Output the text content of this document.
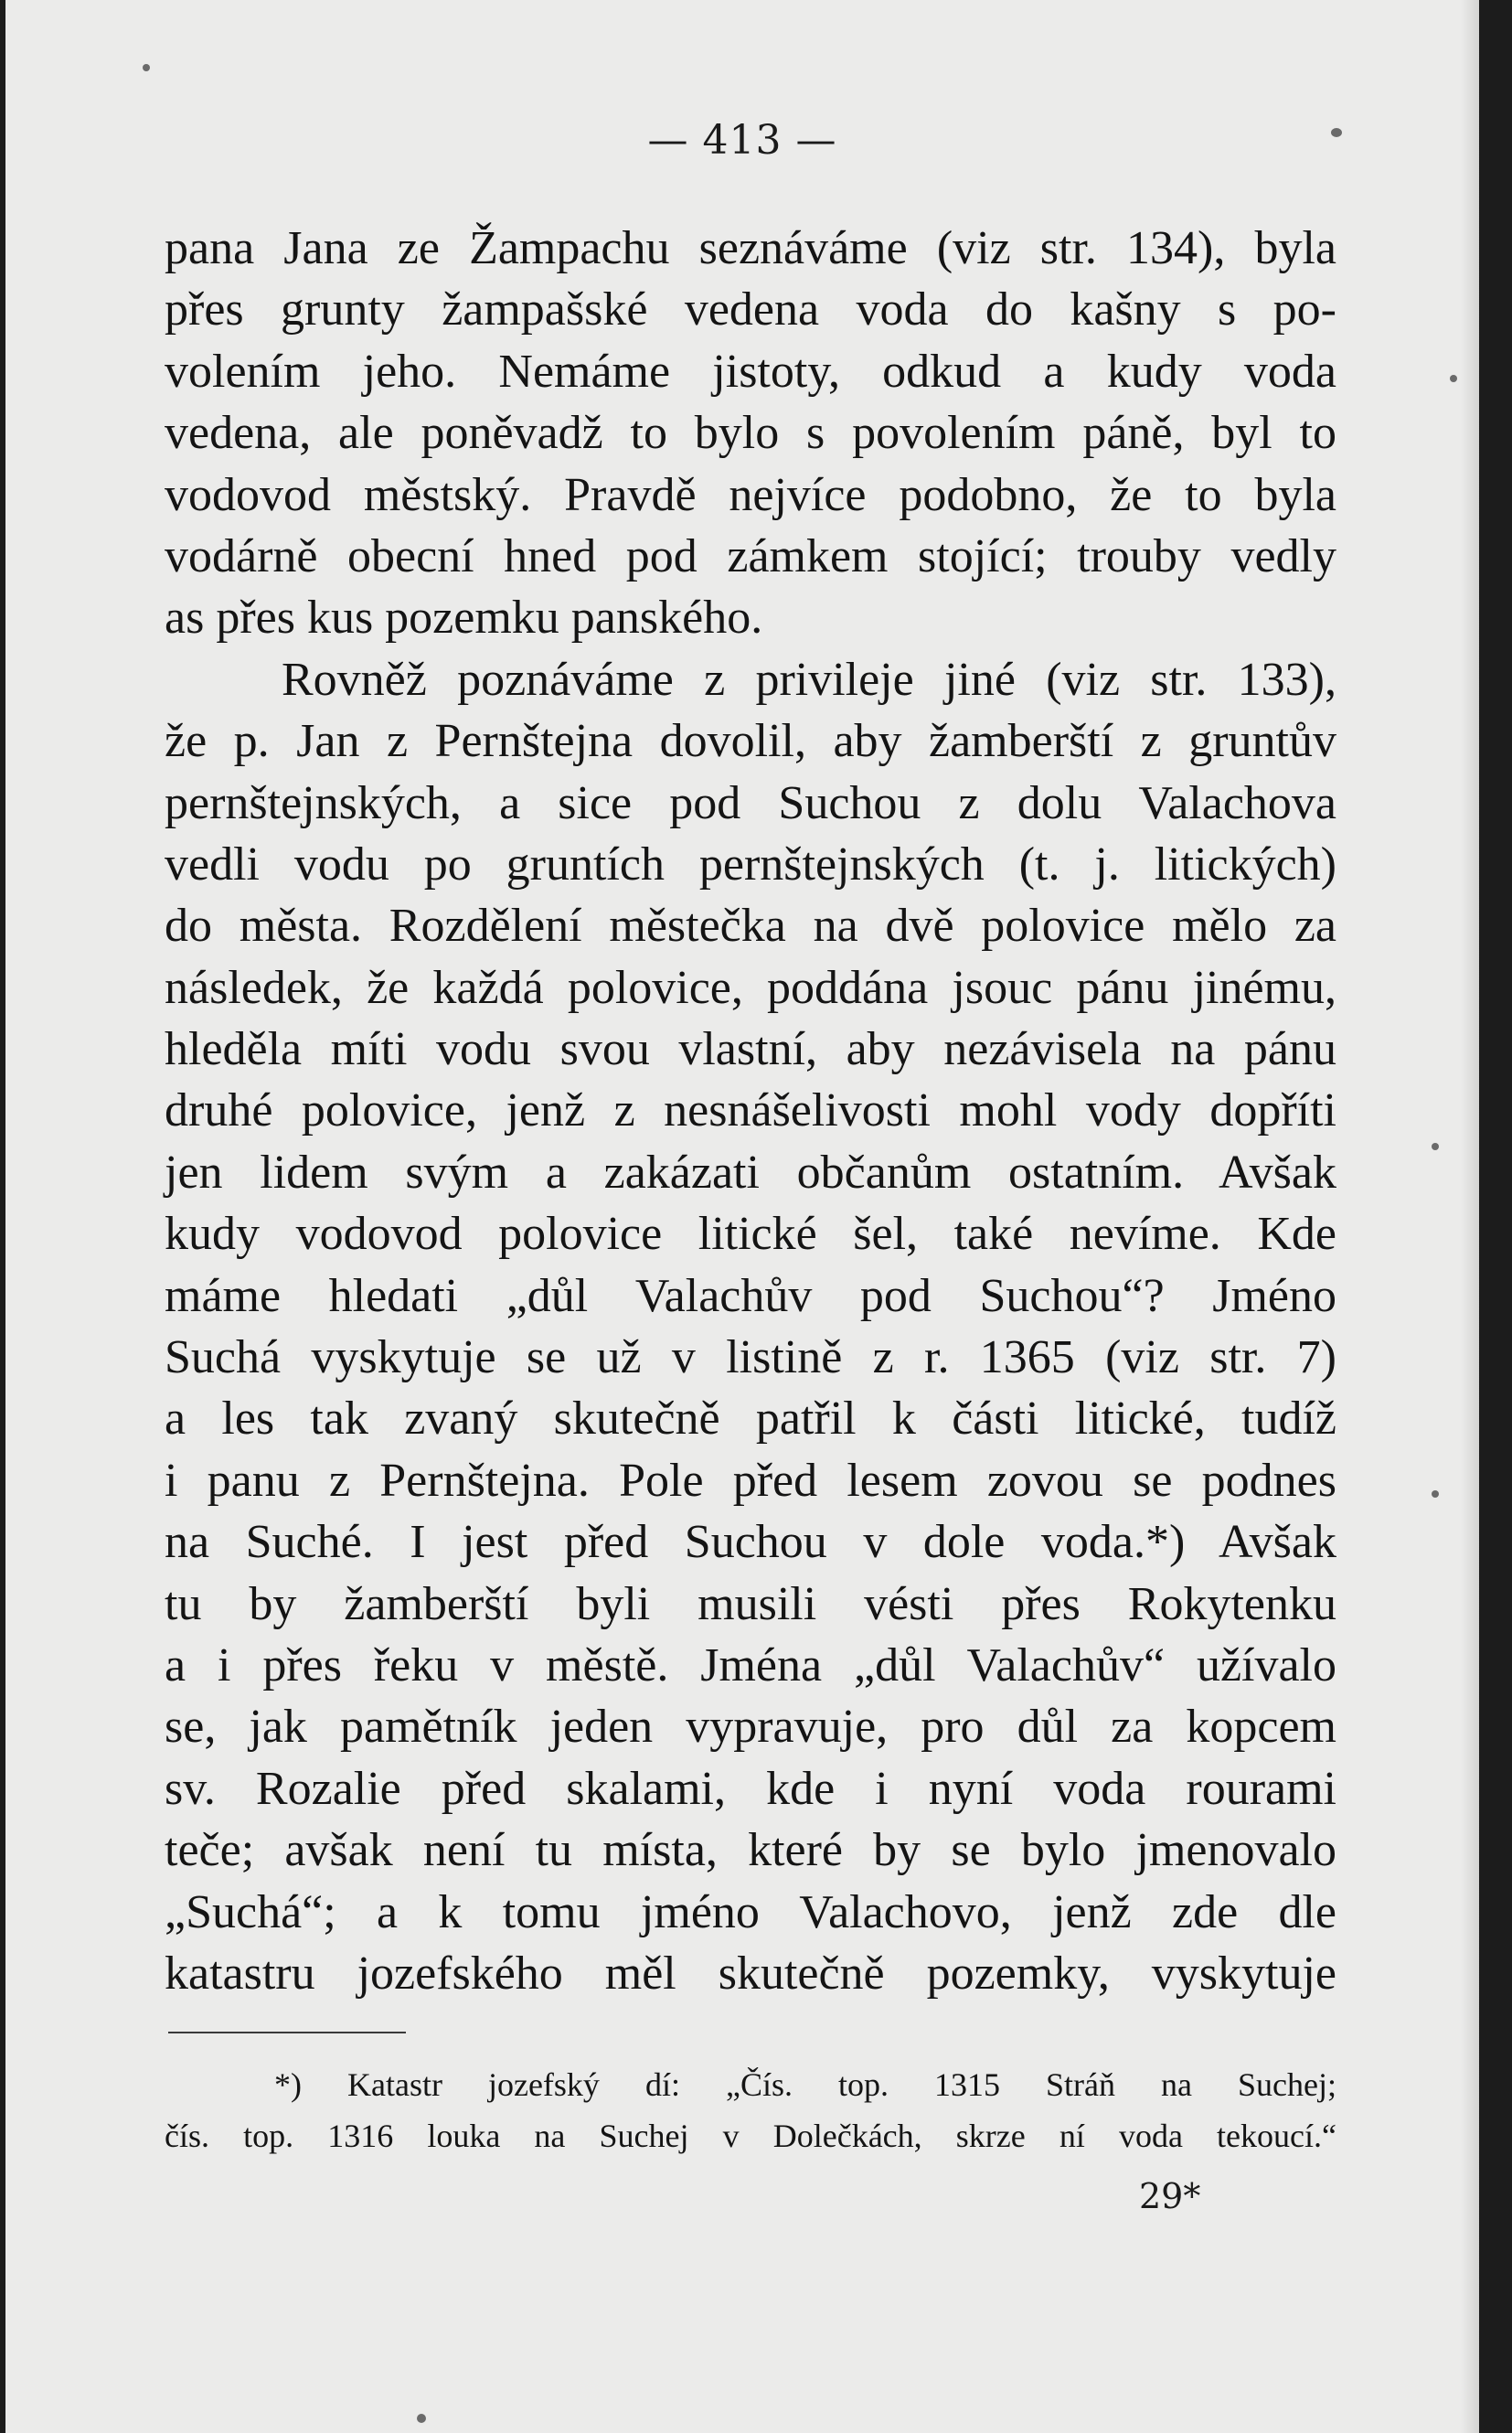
— 413 —
pana Jana ze Žampachu seznáváme (viz str. 134), byla
přes grunty žampašské vedena voda do kašny s po-
volením jeho. Nemáme jistoty, odkud a kudy voda
vedena, ale poněvadž to bylo s povolením páně, byl to
vodovod městský. Pravdě nejvíce podobno, že to byla
vodárně obecní hned pod zámkem stojící; trouby vedly
as přes kus pozemku panského.
Rovněž poznáváme z privileje jiné (viz str. 133),
že p. Jan z Pernštejna dovolil, aby žamberští z gruntův
pernštejnských, a sice pod Suchou z dolu Valachova
vedli vodu po gruntích pernštejnských (t. j. litických)
do města. Rozdělení městečka na dvě polovice mělo za
následek, že každá polovice, poddána jsouc pánu jinému,
hleděla míti vodu svou vlastní, aby nezávisela na pánu
druhé polovice, jenž z nesnášelivosti mohl vody dopříti
jen lidem svým a zakázati občanům ostatním. Avšak
kudy vodovod polovice litické šel, také nevíme. Kde
máme hledati „důl Valachův pod Suchou“? Jméno
Suchá vyskytuje se už v listině z r. 1365 (viz str. 7)
a les tak zvaný skutečně patřil k části litické, tudíž
i panu z Pernštejna. Pole před lesem zovou se podnes
na Suché. I jest před Suchou v dole voda.*) Avšak
tu by žamberští byli musili vésti přes Rokytenku
a i přes řeku v městě. Jména „důl Valachův“ užívalo
se, jak pamětník jeden vypravuje, pro důl za kopcem
sv. Rozalie před skalami, kde i nyní voda rourami
teče; avšak není tu místa, které by se bylo jmenovalo
„Suchá“; a k tomu jméno Valachovo, jenž zde dle
katastru jozefského měl skutečně pozemky, vyskytuje
*) Katastr jozefský dí: „Čís. top. 1315 Stráň na Suchej;
čís. top. 1316 louka na Suchej v Dolečkách, skrze ní voda tekoucí.“
29*
